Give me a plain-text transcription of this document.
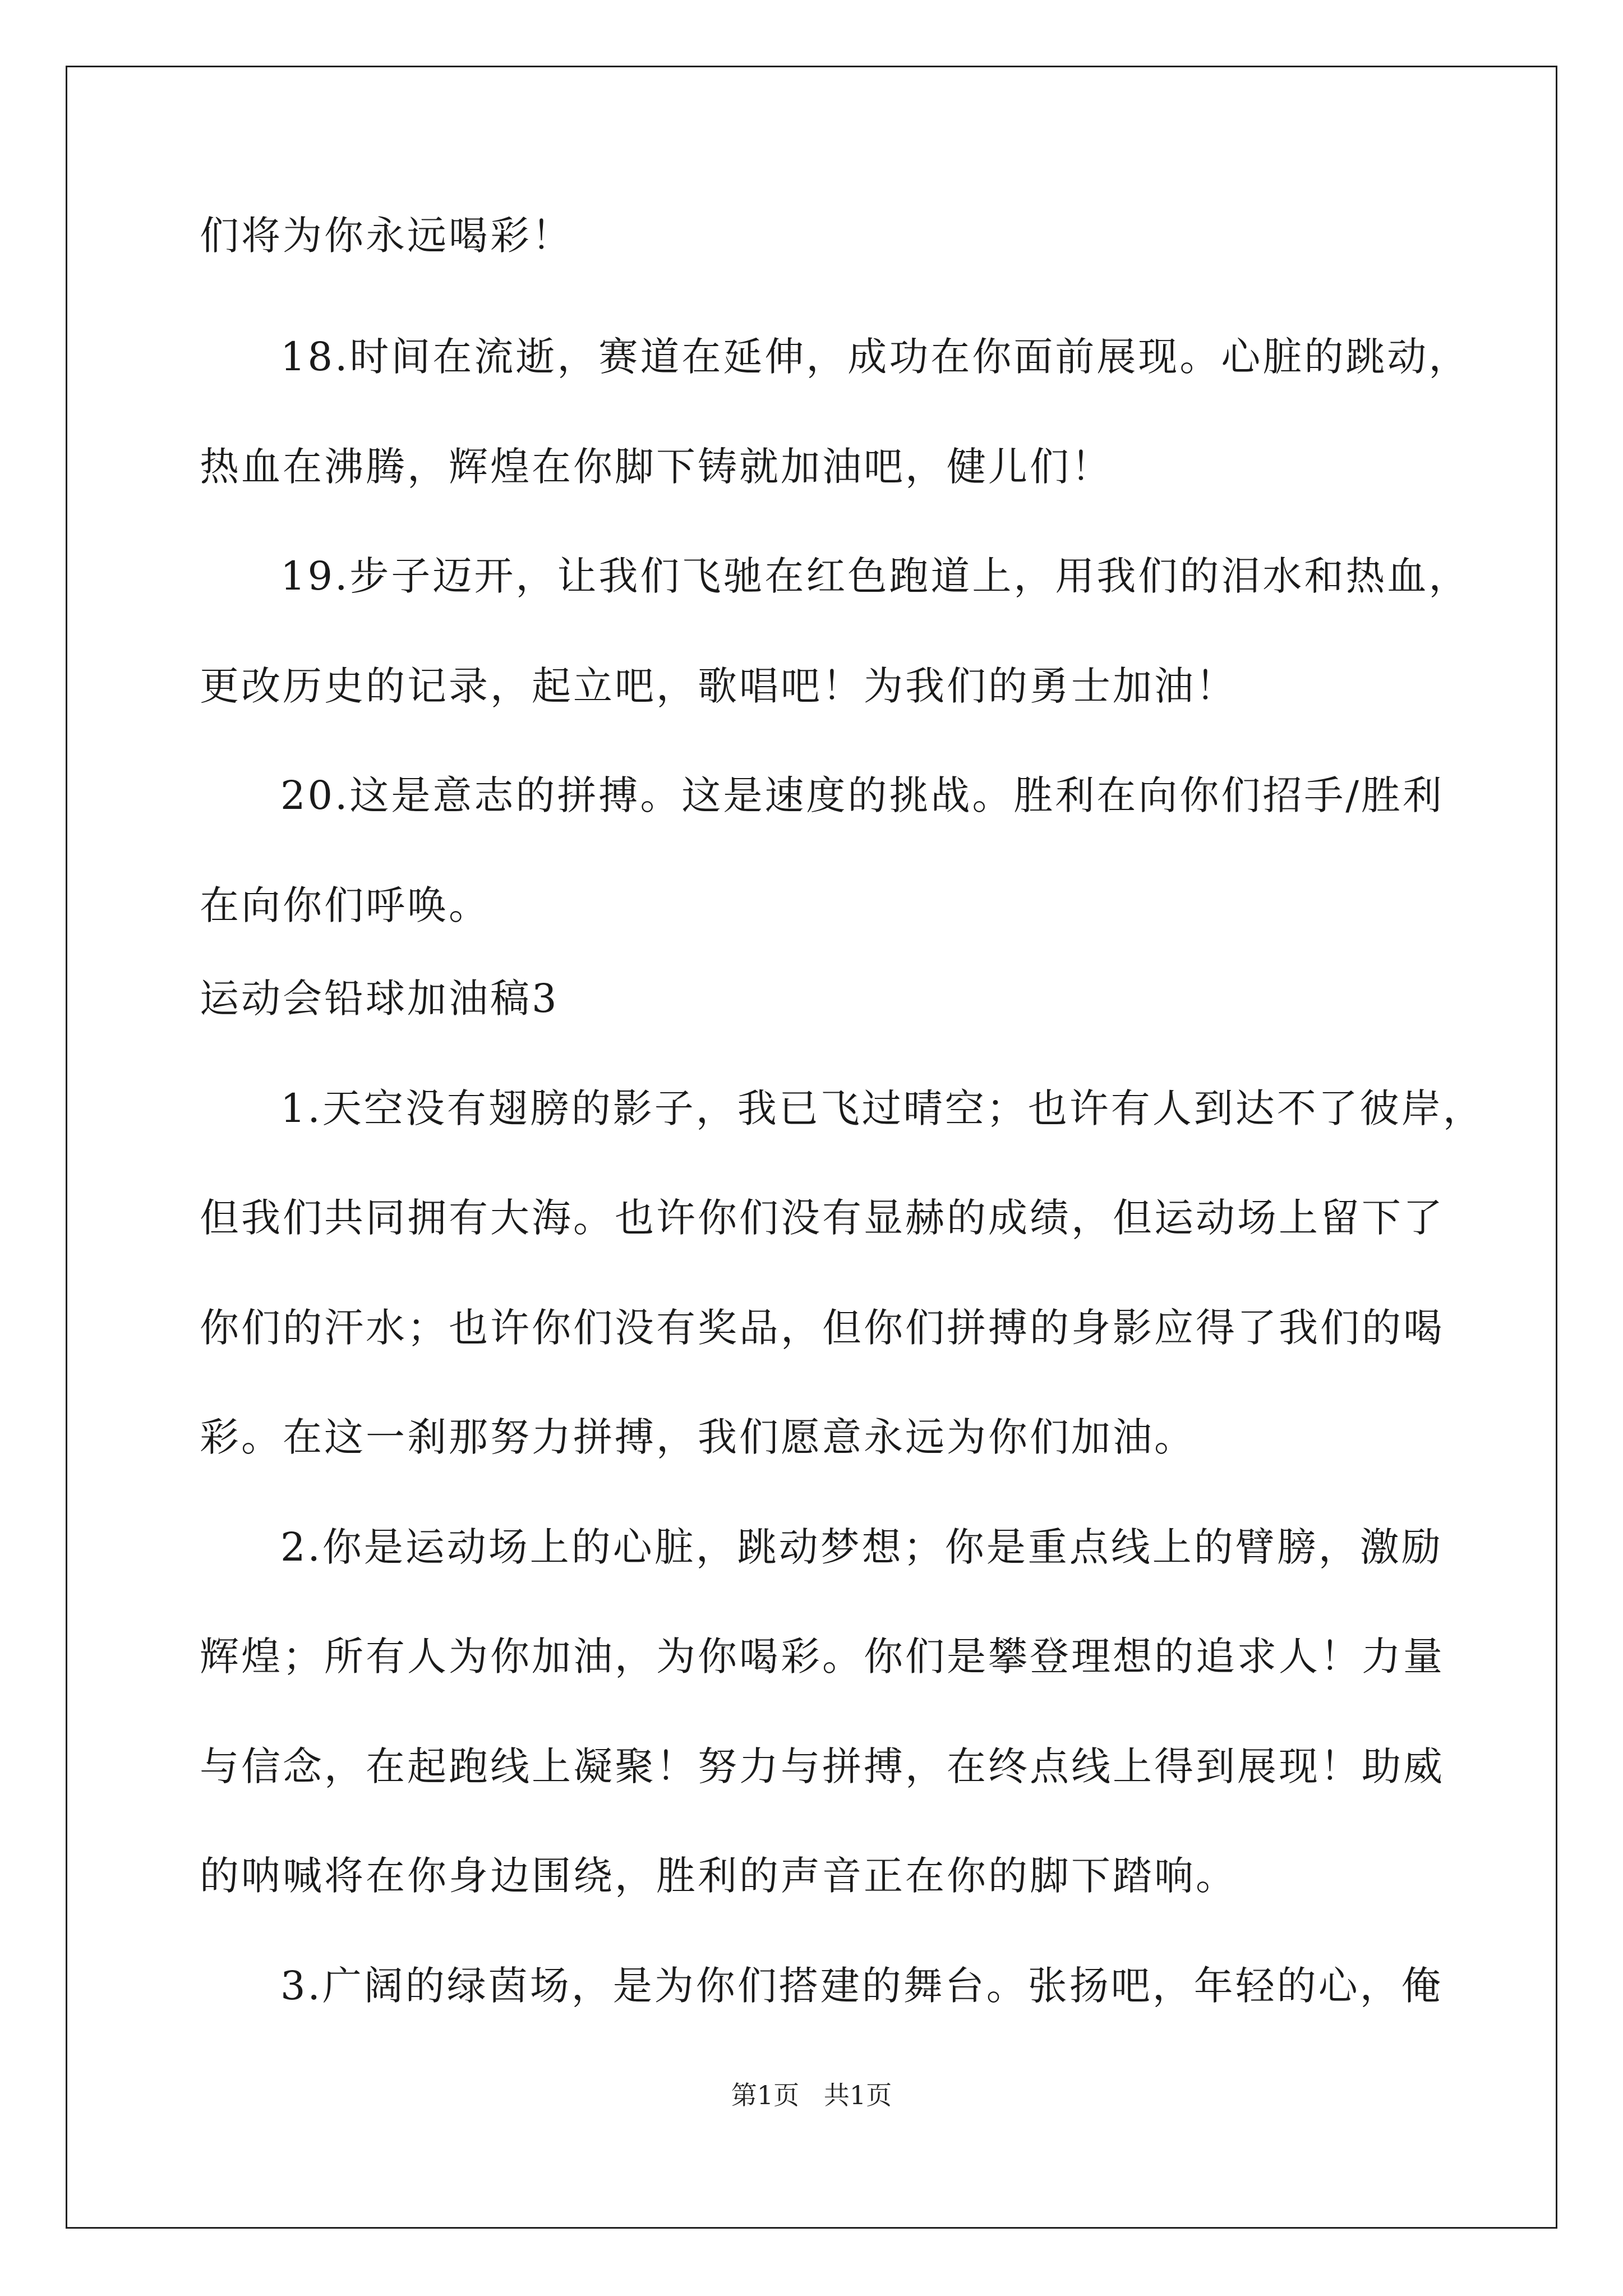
们将为你永远喝彩！
18.时间在流逝，赛道在延伸，成功在你面前展现。心脏的跳动，
热血在沸腾，辉煌在你脚下铸就加油吧，健儿们！
19.步子迈开，让我们飞驰在红色跑道上，用我们的泪水和热血，
更改历史的记录，起立吧，歌唱吧！为我们的勇士加油！
20.这是意志的拼搏。这是速度的挑战。胜利在向你们招手/胜利
在向你们呼唤。
运动会铅球加油稿3
1.天空没有翅膀的影子，我已飞过晴空；也许有人到达不了彼岸，
但我们共同拥有大海。也许你们没有显赫的成绩，但运动场上留下了
你们的汗水；也许你们没有奖品，但你们拼搏的身影应得了我们的喝
彩。在这一刹那努力拼搏，我们愿意永远为你们加油。
2.你是运动场上的心脏，跳动梦想；你是重点线上的臂膀，激励
辉煌；所有人为你加油，为你喝彩。你们是攀登理想的追求人！力量
与信念，在起跑线上凝聚！努力与拼搏，在终点线上得到展现！助威
的呐喊将在你身边围绕，胜利的声音正在你的脚下踏响。
3.广阔的绿茵场，是为你们搭建的舞台。张扬吧，年轻的心，俺
第1页   共1页
